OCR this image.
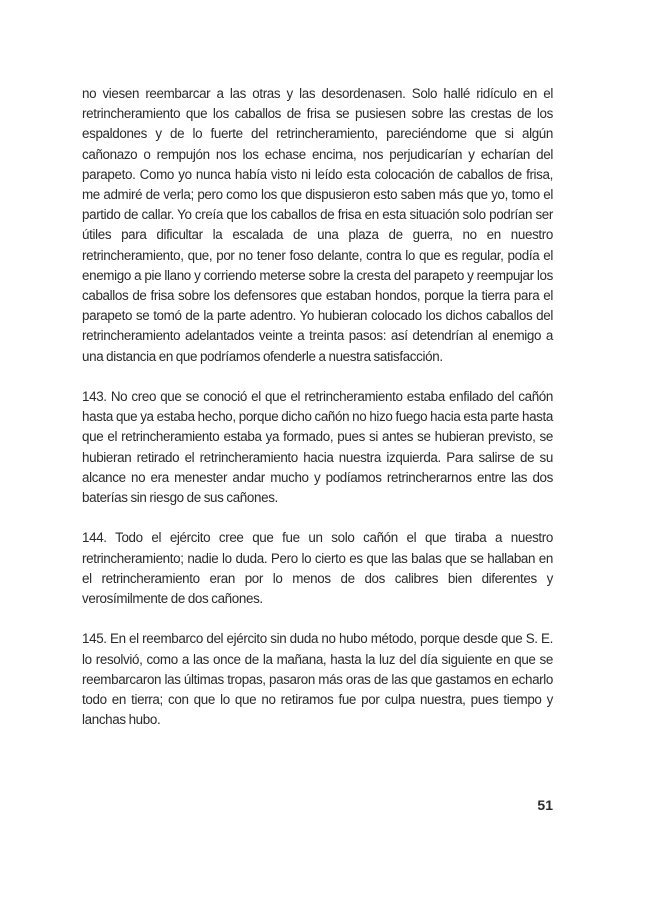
no viesen reembarcar a las otras y las desordenasen. Solo hallé ridículo en el retrincheramiento que los caballos de frisa se pusiesen sobre las crestas de los espaldones y de lo fuerte del retrincheramiento, pareciéndome que si algún cañonazo o rempujón nos los echase encima, nos perjudicarían y echarían del parapeto. Como yo nunca había visto ni leído esta colocación de caballos de frisa, me admiré de verla; pero como los que dispusieron esto saben más que yo, tomo el partido de callar. Yo creía que los caballos de frisa en esta situación solo podrían ser útiles para dificultar la escalada de una plaza de guerra, no en nuestro retrincheramiento, que, por no tener foso delante, contra lo que es regular, podía el enemigo a pie llano y corriendo meterse sobre la cresta del parapeto y reempujar los caballos de frisa sobre los defensores que estaban hondos, porque la tierra para el parapeto se tomó de la parte adentro. Yo hubieran colocado los dichos caballos del retrincheramiento adelantados veinte a treinta pasos: así detendrían al enemigo a una distancia en que podríamos ofenderle a nuestra satisfacción.

143. No creo que se conoció el que el retrincheramiento estaba enfilado del cañón hasta que ya estaba hecho, porque dicho cañón no hizo fuego hacia esta parte hasta que el retrincheramiento estaba ya formado, pues si antes se hubieran previsto, se hubieran retirado el retrincheramiento hacia nuestra izquierda. Para salirse de su alcance no era menester andar mucho y podíamos retrincherarnos entre las dos baterías sin riesgo de sus cañones.

144. Todo el ejército cree que fue un solo cañón el que tiraba a nuestro retrincheramiento; nadie lo duda. Pero lo cierto es que las balas que se hallaban en el retrincheramiento eran por lo menos de dos calibres bien diferentes y verosímilmente de dos cañones.

145. En el reembarco del ejército sin duda no hubo método, porque desde que S. E. lo resolvió, como a las once de la mañana, hasta la luz del día siguiente en que se reembarcaron las últimas tropas, pasaron más oras de las que gastamos en echarlo todo en tierra; con que lo que no retiramos fue por culpa nuestra, pues tiempo y lanchas hubo.

51
